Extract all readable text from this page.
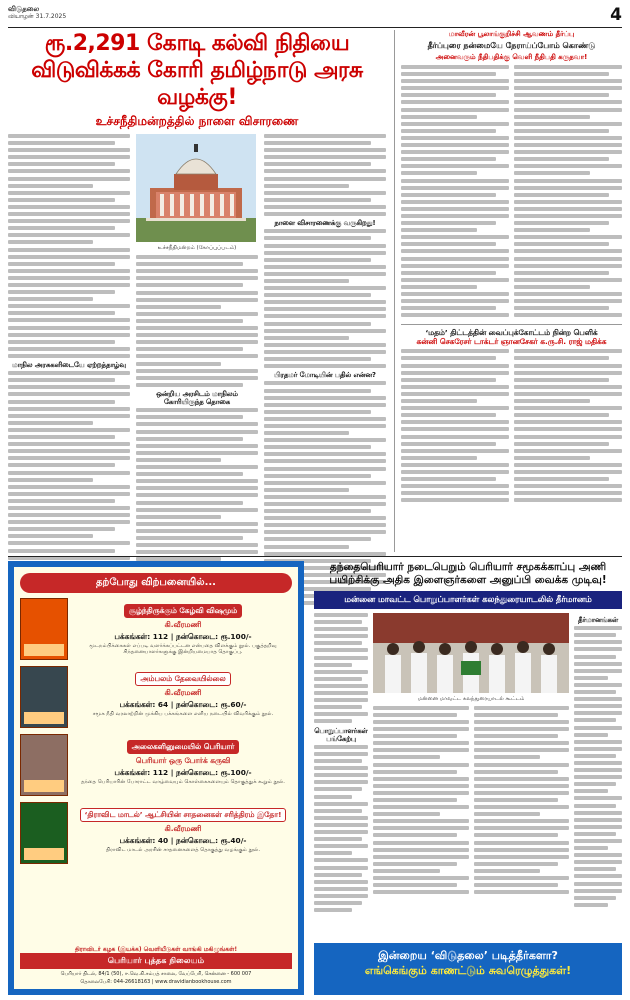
விடுதலை
வியாழன் 31.7.2025	4
ரூ.2,291 கோடி கல்வி நிதியை விடுவிக்கக் கோரி தமிழ்நாடு அரசு வழக்கு!
உச்சநீதிமன்றத்தில் நாளை விசாரணை
மாநில அரசுகளிடையே ஏற்றத்தாழ்வு
உச்சநீதிமன்றம் (கோப்புப்படம்)
ஒன்றிய அரசிடம் மாநிலம் கோரியிருந்த தொகை
நாளை விசாரணைக்கு வருகிறது!
பிரதமர் மோடியின் பதில் என்ன?
மாவீரன் பூலாங்குறிச்சி ஆவணம் தீர்ப்பு
தீர்ப்புரை நன்மையே நேராய்ப்போம் கொண்டு
அனைவரும் நீதிபதிக்கு வெளி நீதிபதி கருதவா!
‘மதம்’ திட்டத்தின் வைப்புக்கோட்டம் நின்ற பெளிக்
கன்னி செகரேசர் டாக்டர் ஞானசேகர் க.ரு.சி. ராஜ் மதிக்க
தற்போது விற்பனையில்...
சூழ்ந்திருக்கும் கேழ்வி விஷமும்
கி.வீரமணி
பக்கங்கள்: 112 | நன்கொடை: ரூ.100/-
மூடநம்பிக்கைகள் எப்படி வளர்க்கப்பட்டன என்பதை விளக்கும் நூல். பகுத்தறிவு சிந்தனையாளர்களுக்கு இன்றியமையாத தொகுப்பு.
அம்பலம் தேவையில்லை
கி.வீரமணி
பக்கங்கள்: 64 | நன்கொடை: ரூ.60/-
சமூக நீதி வரலாற்றின் முக்கிய பக்கங்களை எளிய நடையில் விவரிக்கும் நூல்.
அலைகளினுமையில் பெரியார்
பெரியார் ஒரு போர்க் கருவி
பக்கங்கள்: 112 | நன்கொடை: ரூ.100/-
தந்தை பெரியாரின் போராட்ட வாழ்வையும் கொள்கைகளையும் தொகுத்துக் கூறும் நூல்.
‘திராவிட மாடல்’ ஆட்சியின் சாதனைகள் சரித்திரம் இதோ!
கி.வீரமணி
பக்கங்கள்: 40 | நன்கொடை: ரூ.40/-
திராவிட மாடல் அரசின் சாதனைகளைத் தொகுத்து வழங்கும் நூல்.
திராவிடர் கழக (இயக்க) வெளியீடுகள் வாங்கி மகிழுங்கள்!
பெரியார் புத்தக நிலையம்
பெரியார் திடல், 84/1 (50), ஈ.வெ.கி.சம்பத் சாலை, வேப்பேரி, சென்னை - 600 007
தொலைபேசி: 044-26618163 | www.dravidianbookhouse.com
தந்தைபெரியார் நடைபெறும் பெரியார் சமூகக்காப்பு அணி பயிற்சிக்கு அதிக இளைஞர்களை அனுப்பி வைக்க முடிவு!
மன்னை மாவட்ட பொறுப்பாளர்கள் கலந்துரையாடலில் தீர்மானம்
பொறுப்பாளர்கள் பங்கேற்பு
மன்னை மாவட்ட கலந்துரையாடல் கூட்டம்
தீர்மானங்கள்
இன்றைய ‘விடுதலை’ படித்தீர்களா?
எங்கெங்கும் காணட்டும் சுவரெழுத்துகள்!
